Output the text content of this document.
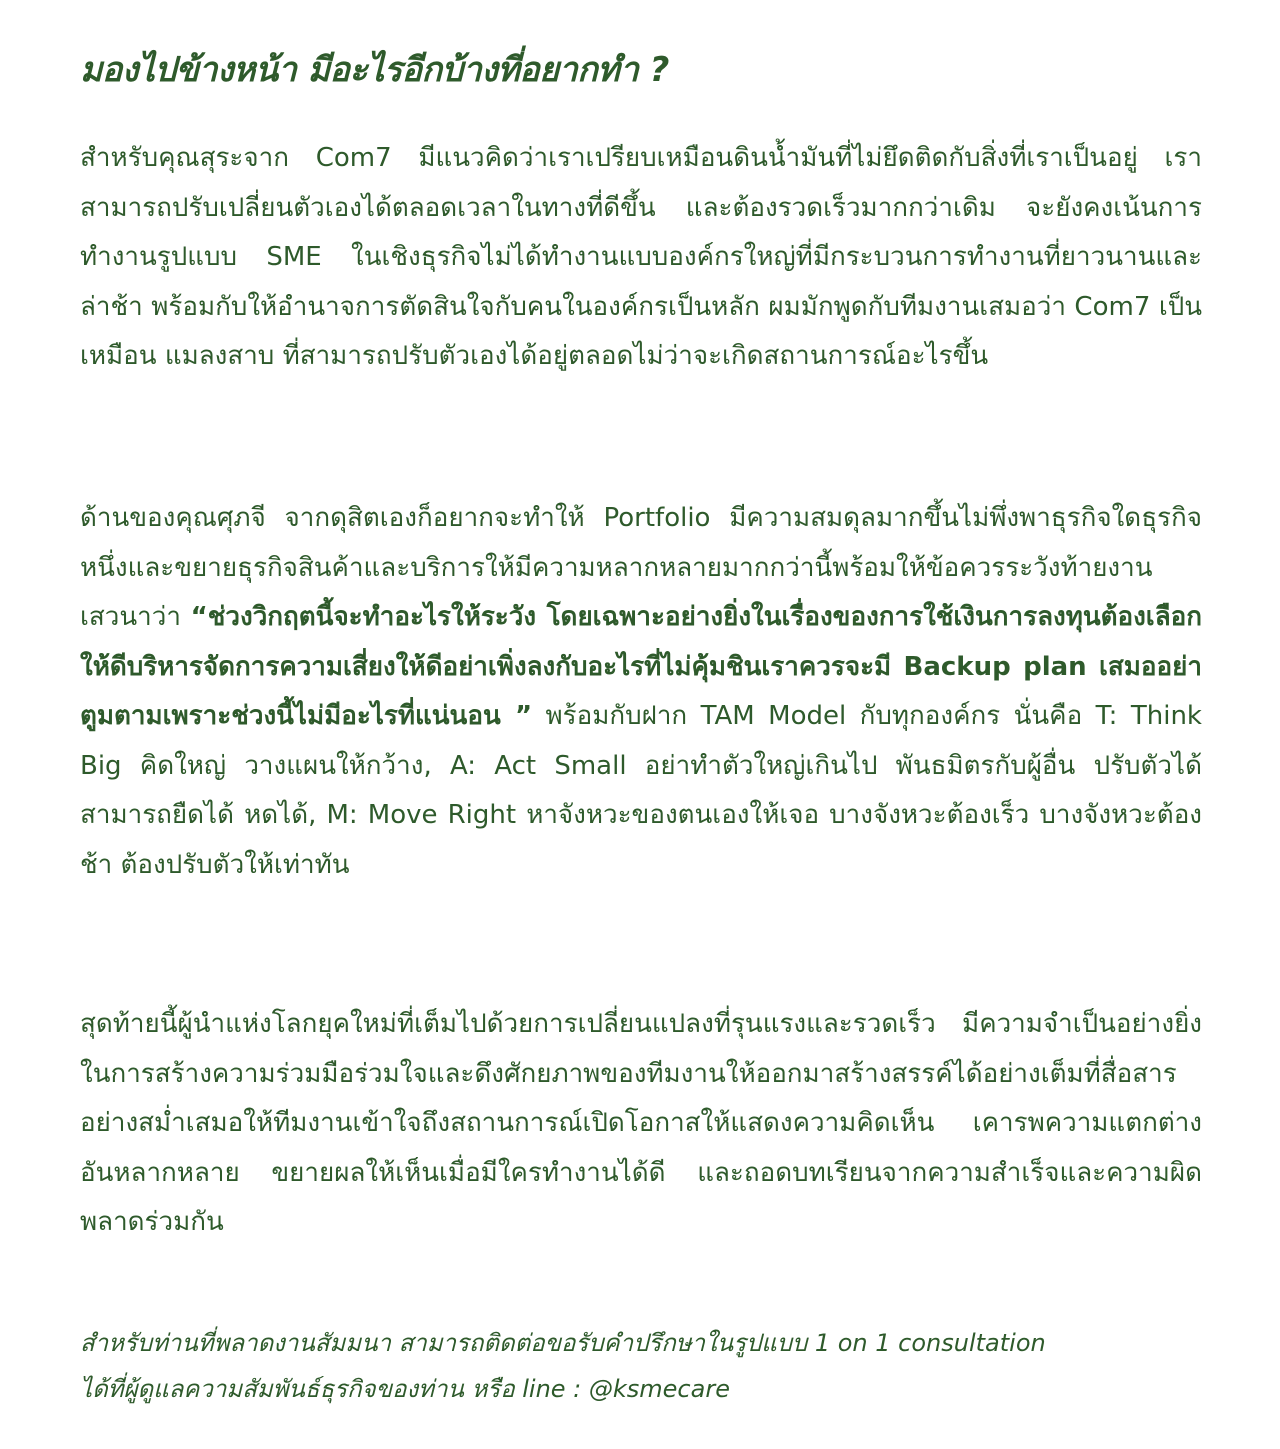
มองไปข้างหน้า มีอะไรอีกบ้างที่อยากทำ ?

สำหรับคุณสุระจาก Com7 มีแนวคิดว่าเราเปรียบเหมือนดินน้ำมันที่ไม่ยึดติดกับสิ่งที่เราเป็นอยู่ เราสามารถปรับเปลี่ยนตัวเองได้ตลอดเวลาในทางที่ดีขึ้น และต้องรวดเร็วมากกว่าเดิม จะยังคงเน้นการทำงานรูปแบบ SME ในเชิงธุรกิจไม่ได้ทำงานแบบองค์กรใหญ่ที่มีกระบวนการทำงานที่ยาวนานและล่าช้า พร้อมกับให้อำนาจการตัดสินใจกับคนในองค์กรเป็นหลัก ผมมักพูดกับทีมงานเสมอว่า Com7 เป็นเหมือน แมลงสาบ ที่สามารถปรับตัวเองได้อยู่ตลอดไม่ว่าจะเกิดสถานการณ์อะไรขึ้น

ด้านของคุณศุภจี จากดุสิตเองก็อยากจะทำให้ Portfolio มีความสมดุลมากขึ้นไม่พึ่งพาธุรกิจใดธุรกิจหนึ่งและขยายธุรกิจสินค้าและบริการให้มีความหลากหลายมากกว่านี้พร้อมให้ข้อควรระวังท้ายงานเสวนาว่า “ช่วงวิกฤตนี้จะทำอะไรให้ระวัง โดยเฉพาะอย่างยิ่งในเรื่องของการใช้เงินการลงทุนต้องเลือกให้ดีบริหารจัดการความเสี่ยงให้ดีอย่าเพิ่งลงกับอะไรที่ไม่คุ้มชินเราควรจะมี Backup plan เสมออย่าตูมตามเพราะช่วงนี้ไม่มีอะไรที่แน่นอน ” พร้อมกับฝาก TAM Model กับทุกองค์กร นั่นคือ T: Think Big คิดใหญ่ วางแผนให้กว้าง, A: Act Small อย่าทำตัวใหญ่เกินไป พันธมิตรกับผู้อื่น ปรับตัวได้ สามารถยืดได้ หดได้, M: Move Right หาจังหวะของตนเองให้เจอ บางจังหวะต้องเร็ว บางจังหวะต้องช้า ต้องปรับตัวให้เท่าทัน

สุดท้ายนี้ผู้นำแห่งโลกยุคใหม่ที่เต็มไปด้วยการเปลี่ยนแปลงที่รุนแรงและรวดเร็ว มีความจำเป็นอย่างยิ่งในการสร้างความร่วมมือร่วมใจและดึงศักยภาพของทีมงานให้ออกมาสร้างสรรค์ได้อย่างเต็มที่สื่อสารอย่างสม่ำเสมอให้ทีมงานเข้าใจถึงสถานการณ์เปิดโอกาสให้แสดงความคิดเห็น เคารพความแตกต่างอันหลากหลาย ขยายผลให้เห็นเมื่อมีใครทำงานได้ดี และถอดบทเรียนจากความสำเร็จและความผิดพลาดร่วมกัน

สำหรับท่านที่พลาดงานสัมมนา สามารถติดต่อขอรับคำปรึกษาในรูปแบบ 1 on 1 consultation
ได้ที่ผู้ดูแลความสัมพันธ์ธุรกิจของท่าน หรือ line : @ksmecare
